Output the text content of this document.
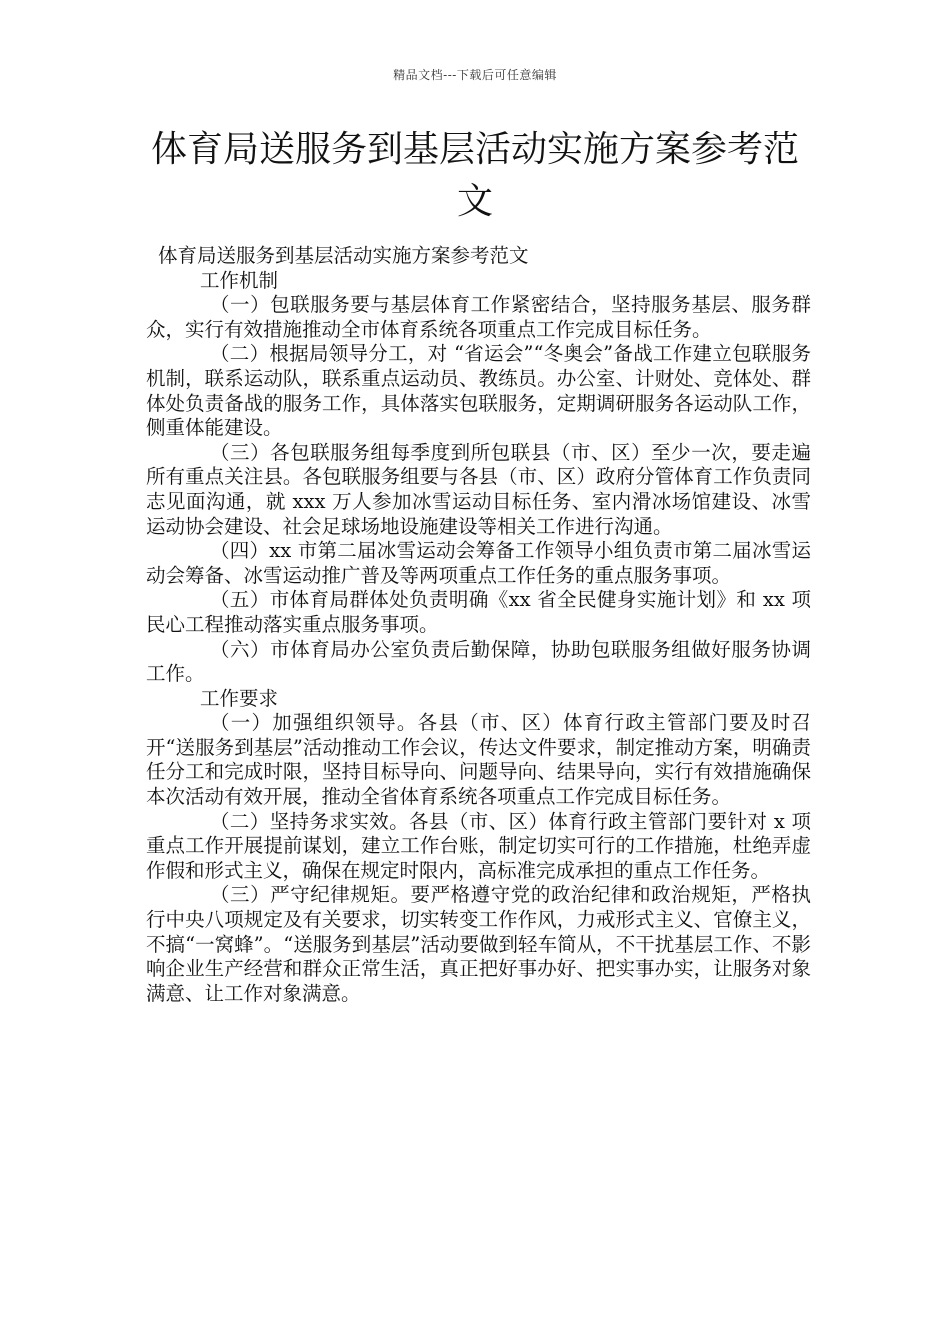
精品文档---下载后可任意编辑
体育局送服务到基层活动实施方案参考范文

体育局送服务到基层活动实施方案参考范文

工作机制

（一）包联服务要与基层体育工作紧密结合，坚持服务基层、服务群众，实行有效措施推动全市体育系统各项重点工作完成目标任务。

（二）根据局领导分工，对 “省运会”“冬奥会”备战工作建立包联服务机制，联系运动队，联系重点运动员、教练员。办公室、计财处、竞体处、群体处负责备战的服务工作，具体落实包联服务，定期调研服务各运动队工作，侧重体能建设。

（三）各包联服务组每季度到所包联县（市、区）至少一次，要走遍所有重点关注县。各包联服务组要与各县（市、区）政府分管体育工作负责同志见面沟通，就 xxx 万人参加冰雪运动目标任务、室内滑冰场馆建设、冰雪运动协会建设、社会足球场地设施建设等相关工作进行沟通。

（四）xx 市第二届冰雪运动会筹备工作领导小组负责市第二届冰雪运动会筹备、冰雪运动推广普及等两项重点工作任务的重点服务事项。

（五）市体育局群体处负责明确《xx 省全民健身实施计划》和 xx 项民心工程推动落实重点服务事项。

（六）市体育局办公室负责后勤保障，协助包联服务组做好服务协调工作。

工作要求

（一）加强组织领导。各县（市、区）体育行政主管部门要及时召开“送服务到基层”活动推动工作会议，传达文件要求，制定推动方案，明确责任分工和完成时限，坚持目标导向、问题导向、结果导向，实行有效措施确保本次活动有效开展，推动全省体育系统各项重点工作完成目标任务。

（二）坚持务求实效。各县（市、区）体育行政主管部门要针对 x 项重点工作开展提前谋划，建立工作台账，制定切实可行的工作措施，杜绝弄虚作假和形式主义，确保在规定时限内，高标准完成承担的重点工作任务。

（三）严守纪律规矩。要严格遵守党的政治纪律和政治规矩，严格执行中央八项规定及有关要求，切实转变工作作风，力戒形式主义、官僚主义，不搞“一窝蜂”。“送服务到基层”活动要做到轻车简从，不干扰基层工作、不影响企业生产经营和群众正常生活，真正把好事办好、把实事办实，让服务对象满意、让工作对象满意。
